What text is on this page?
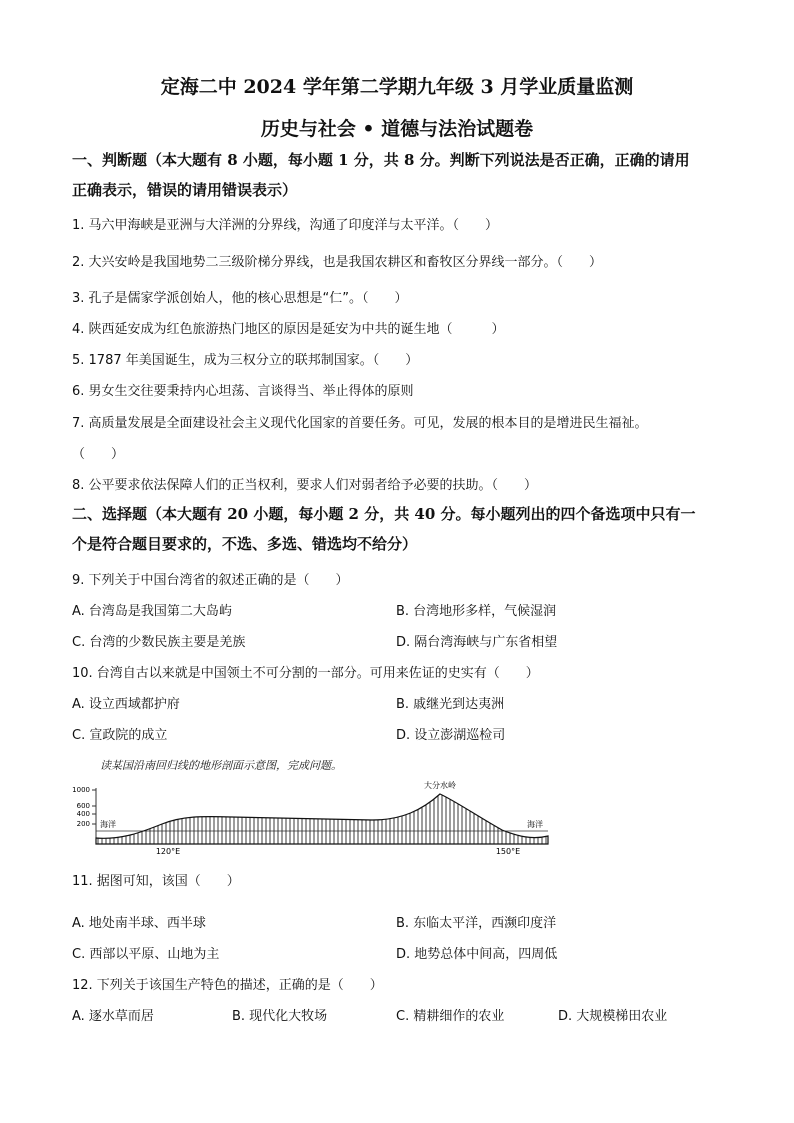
定海二中 2024 学年第二学期九年级 3 月学业质量监测
历史与社会 • 道德与法治试题卷
一、判断题（本大题有 8 小题，每小题 1 分，共 8 分。判断下列说法是否正确，正确的请用
正确表示，错误的请用错误表示）
1. 马六甲海峡是亚洲与大洋洲的分界线，沟通了印度洋与太平洋。（　　）
2. 大兴安岭是我国地势二三级阶梯分界线，也是我国农耕区和畜牧区分界线一部分。（　　）
3. 孔子是儒家学派创始人，他的核心思想是“仁”。（　　）
4. 陕西延安成为红色旅游热门地区的原因是延安为中共的诞生地（　　　）
5. 1787 年美国诞生，成为三权分立的联邦制国家。（　　）
6. 男女生交往要秉持内心坦荡、言谈得当、举止得体的原则
7. 高质量发展是全面建设社会主义现代化国家的首要任务。可见，发展的根本目的是增进民生福祉。
（　　）
8. 公平要求依法保障人们的正当权利，要求人们对弱者给予必要的扶助。（　　）
二、选择题（本大题有 20 小题，每小题 2 分，共 40 分。每小题列出的四个备选项中只有一
个是符合题目要求的，不选、多选、错选均不给分）
9. 下列关于中国台湾省的叙述正确的是（　　）
A. 台湾岛是我国第二大岛屿	B. 台湾地形多样，气候湿润
C. 台湾的少数民族主要是羌族	D. 隔台湾海峡与广东省相望
10. 台湾自古以来就是中国领土不可分割的一部分。可用来佐证的史实有（　　）
A. 设立西域都护府	B. 戚继光到达夷洲
C. 宣政院的成立	D. 设立澎湖巡检司
读某国沿南回归线的地形剖面示意图，完成问题。
1000
600
400
200 海洋	海洋
大分水岭
120°E	150°E
11. 据图可知，该国（　　）
A. 地处南半球、西半球	B. 东临太平洋，西濒印度洋
C. 西部以平原、山地为主	D. 地势总体中间高，四周低
12. 下列关于该国生产特色的描述，正确的是（　　）
A. 逐水草而居	B. 现代化大牧场	C. 精耕细作的农业	D. 大规模梯田农业
